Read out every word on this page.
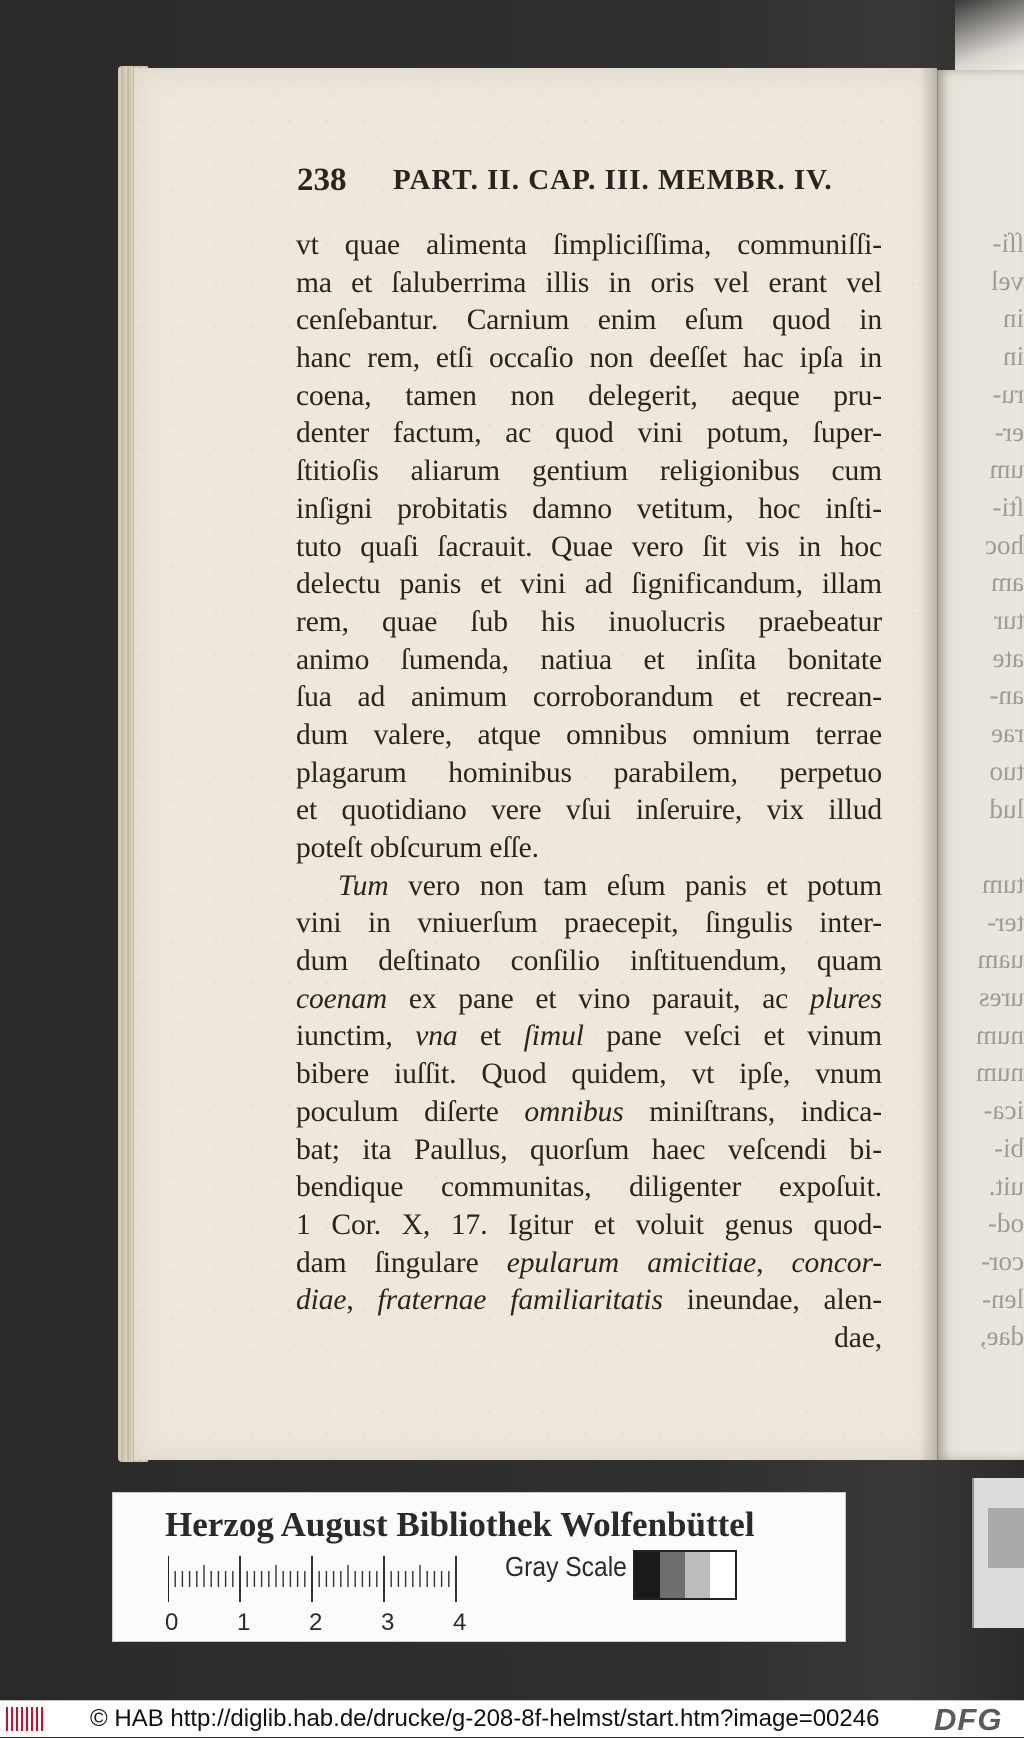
ſſi-
vel
in
in
ru-
er-
um
ſti-
hoc
am
tur
ate
an-
rae
tuo
lud

tum
ter-
uam
ures
num
num
ica-
bi-
uit.
od-
cor-
len-
dae,
238 PART. II. CAP. III. MEMBR. IV.
vt quae alimenta ſimpliciſſima, communiſſi-
ma et ſaluberrima illis in oris vel erant vel
cenſebantur. Carnium enim eſum quod in
hanc rem, etſi occaſio non deeſſet hac ipſa in
coena, tamen non delegerit, aeque pru-
denter factum, ac quod vini potum, ſuper-
ſtitioſis aliarum gentium religionibus cum
inſigni probitatis damno vetitum, hoc inſti-
tuto quaſi ſacrauit. Quae vero ſit vis in hoc
delectu panis et vini ad ſignificandum, illam
rem, quae ſub his inuolucris praebeatur
animo ſumenda, natiua et inſita bonitate
ſua ad animum corroborandum et recrean-
dum valere, atque omnibus omnium terrae
plagarum hominibus parabilem, perpetuo
et quotidiano vere vſui inſeruire, vix illud
poteſt obſcurum eſſe.
Tum vero non tam eſum panis et potum
vini in vniuerſum praecepit, ſingulis inter-
dum deſtinato conſilio inſtituendum, quam
coenam ex pane et vino parauit, ac plures
iunctim, vna et ſimul pane veſci et vinum
bibere iuſſit. Quod quidem, vt ipſe, vnum
poculum diſerte omnibus miniſtrans, indica-
bat; ita Paullus, quorſum haec veſcendi bi-
bendique communitas, diligenter expoſuit.
1 Cor. X, 17. Igitur et voluit genus quod-
dam ſingulare epularum amicitiae, concor-
diae, fraternae familiaritatis ineundae, alen-
dae,
Herzog August Bibliothek Wolfenbüttel
0 1 2 3 4
Gray Scale
© HAB http://diglib.hab.de/drucke/g-208-8f-helmst/start.htm?image=00246 DFG
